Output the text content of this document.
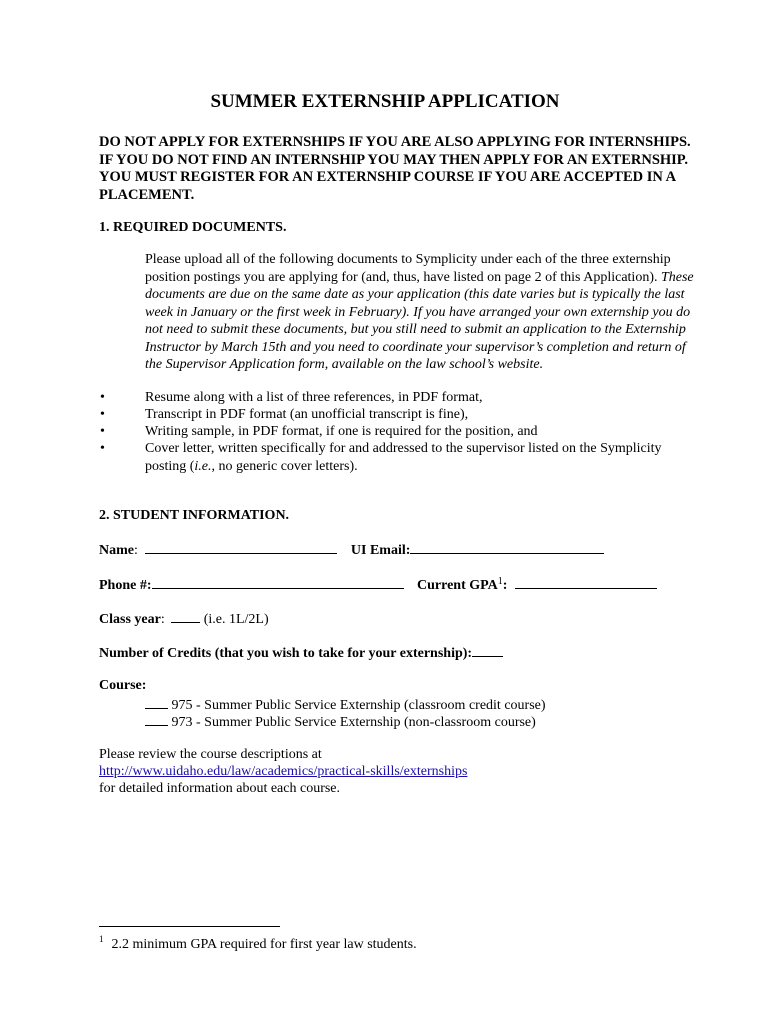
SUMMER EXTERNSHIP APPLICATION
DO NOT APPLY FOR EXTERNSHIPS IF YOU ARE ALSO APPLYING FOR INTERNSHIPS. IF YOU DO NOT FIND AN INTERNSHIP YOU MAY THEN APPLY FOR AN EXTERNSHIP. YOU MUST REGISTER FOR AN EXTERNSHIP COURSE IF YOU ARE ACCEPTED IN A PLACEMENT.
1. REQUIRED DOCUMENTS.
Please upload all of the following documents to Symplicity under each of the three externship position postings you are applying for (and, thus, have listed on page 2 of this Application). These documents are due on the same date as your application (this date varies but is typically the last week in January or the first week in February). If you have arranged your own externship you do not need to submit these documents, but you still need to submit an application to the Externship Instructor by March 15th and you need to coordinate your supervisor’s completion and return of the Supervisor Application form, available on the law school’s website.
•	Resume along with a list of three references, in PDF format,
•	Transcript in PDF format (an unofficial transcript is fine),
•	Writing sample, in PDF format, if one is required for the position, and
•	Cover letter, written specifically for and addressed to the supervisor listed on the Symplicity posting (i.e., no generic cover letters).
2. STUDENT INFORMATION.
Name:	UI Email:
Phone #:	Current GPA$^1$:
Class year:	(i.e. 1L/2L)
Number of Credits (that you wish to take for your externship):
Course:
975 - Summer Public Service Externship (classroom credit course)
973 - Summer Public Service Externship (non-classroom course)
Please review the course descriptions at
http://www.uidaho.edu/law/academics/practical-skills/externships
for detailed information about each course.
$^1$ 2.2 minimum GPA required for first year law students.
